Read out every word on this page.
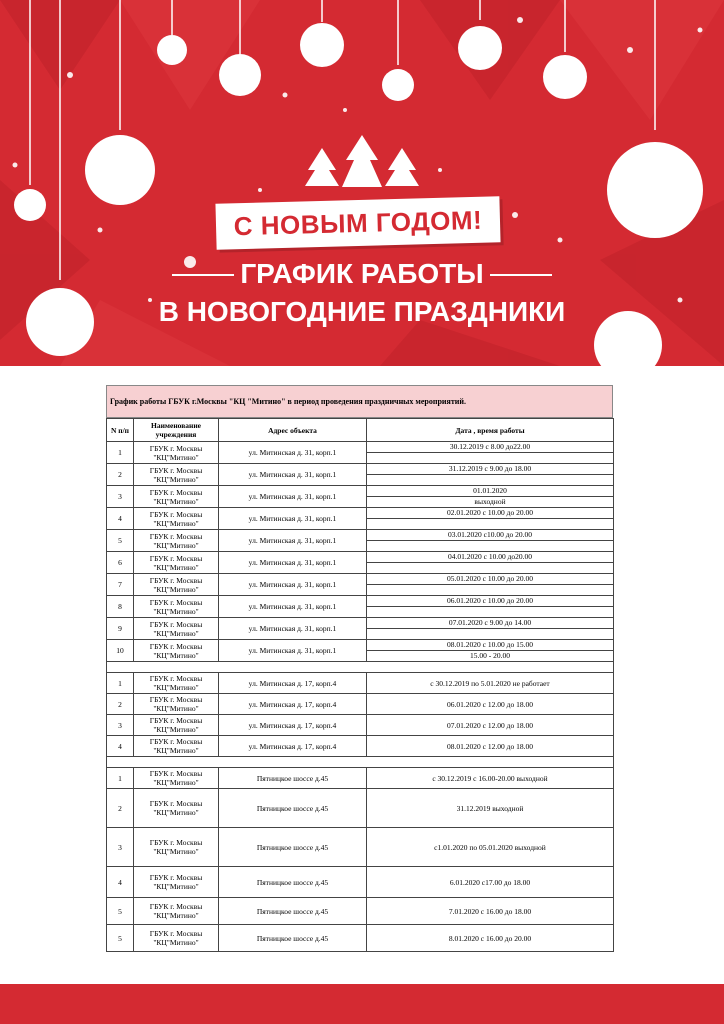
С НОВЫМ ГОДОМ!
ГРАФИК РАБОТЫ
В НОВОГОДНИЕ ПРАЗДНИКИ
График работы ГБУК г.Москвы "КЦ "Митино" в период проведения праздничных мероприятий.
N п/п	Наименование учреждения	Адрес объекта	Дата , время работы
1	ГБУК г. Москвы
"КЦ"Митино"	ул. Митинская д. 31, корп.1	30.12.2019 с 8.00 до22.00

2	ГБУК г. Москвы
"КЦ"Митино"	ул. Митинская д. 31, корп.1	31.12.2019 с 9.00 до 18.00

3	ГБУК г. Москвы
"КЦ"Митино"	ул. Митинская д. 31, корп.1	01.01.2020
			выходной
4	ГБУК г. Москвы
"КЦ"Митино"	ул. Митинская д. 31, корп.1	02.01.2020 с 10.00 до 20.00

5	ГБУК г. Москвы
"КЦ"Митино"	ул. Митинская д. 31, корп.1	03.01.2020 с10.00 до 20.00

6	ГБУК г. Москвы
"КЦ"Митино"	ул. Митинская д. 31, корп.1	04.01.2020 с 10.00 до20.00

7	ГБУК г. Москвы
"КЦ"Митино"	ул. Митинская д. 31, корп.1	05.01.2020 с 10.00 до 20.00

8	ГБУК г. Москвы
"КЦ"Митино"	ул. Митинская д. 31, корп.1	06.01.2020 с 10.00 до 20.00

9	ГБУК г. Москвы
"КЦ"Митино"	ул. Митинская д. 31, корп.1	07.01.2020 с 9.00 до 14.00

10	ГБУК г. Москвы
"КЦ"Митино"	ул. Митинская д. 31, корп.1	08.01.2020 с 10.00 до 15.00
			15.00 - 20.00

1	ГБУК г. Москвы
"КЦ"Митино"	ул. Митинская д. 17, корп.4	с 30.12.2019 по 5.01.2020 не работает
2	ГБУК г. Москвы
"КЦ"Митино"	ул. Митинская д. 17, корп.4	06.01.2020 с 12.00 до 18.00
3	ГБУК г. Москвы
"КЦ"Митино"	ул. Митинская д. 17, корп.4	07.01.2020 с 12.00 до 18.00
4	ГБУК г. Москвы
"КЦ"Митино"	ул. Митинская д. 17, корп.4	08.01.2020 с 12.00 до 18.00

1	ГБУК г. Москвы
"КЦ"Митино"	Пятницкое шоссе д.45	с 30.12.2019 с 16.00-20.00 выходной
2	ГБУК г. Москвы
"КЦ"Митино"	Пятницкое шоссе д.45	31.12.2019 выходной
3	ГБУК г. Москвы
"КЦ"Митино"	Пятницкое шоссе д.45	с1.01.2020 по 05.01.2020 выходной
4	ГБУК г. Москвы
"КЦ"Митино"	Пятницкое шоссе д.45	6.01.2020 с17.00 до 18.00
5	ГБУК г. Москвы
"КЦ"Митино"	Пятницкое шоссе д.45	7.01.2020 с 16.00 до 18.00
5	ГБУК г. Москвы
"КЦ"Митино"	Пятницкое шоссе д.45	8.01.2020 с 16.00 до 20.00
